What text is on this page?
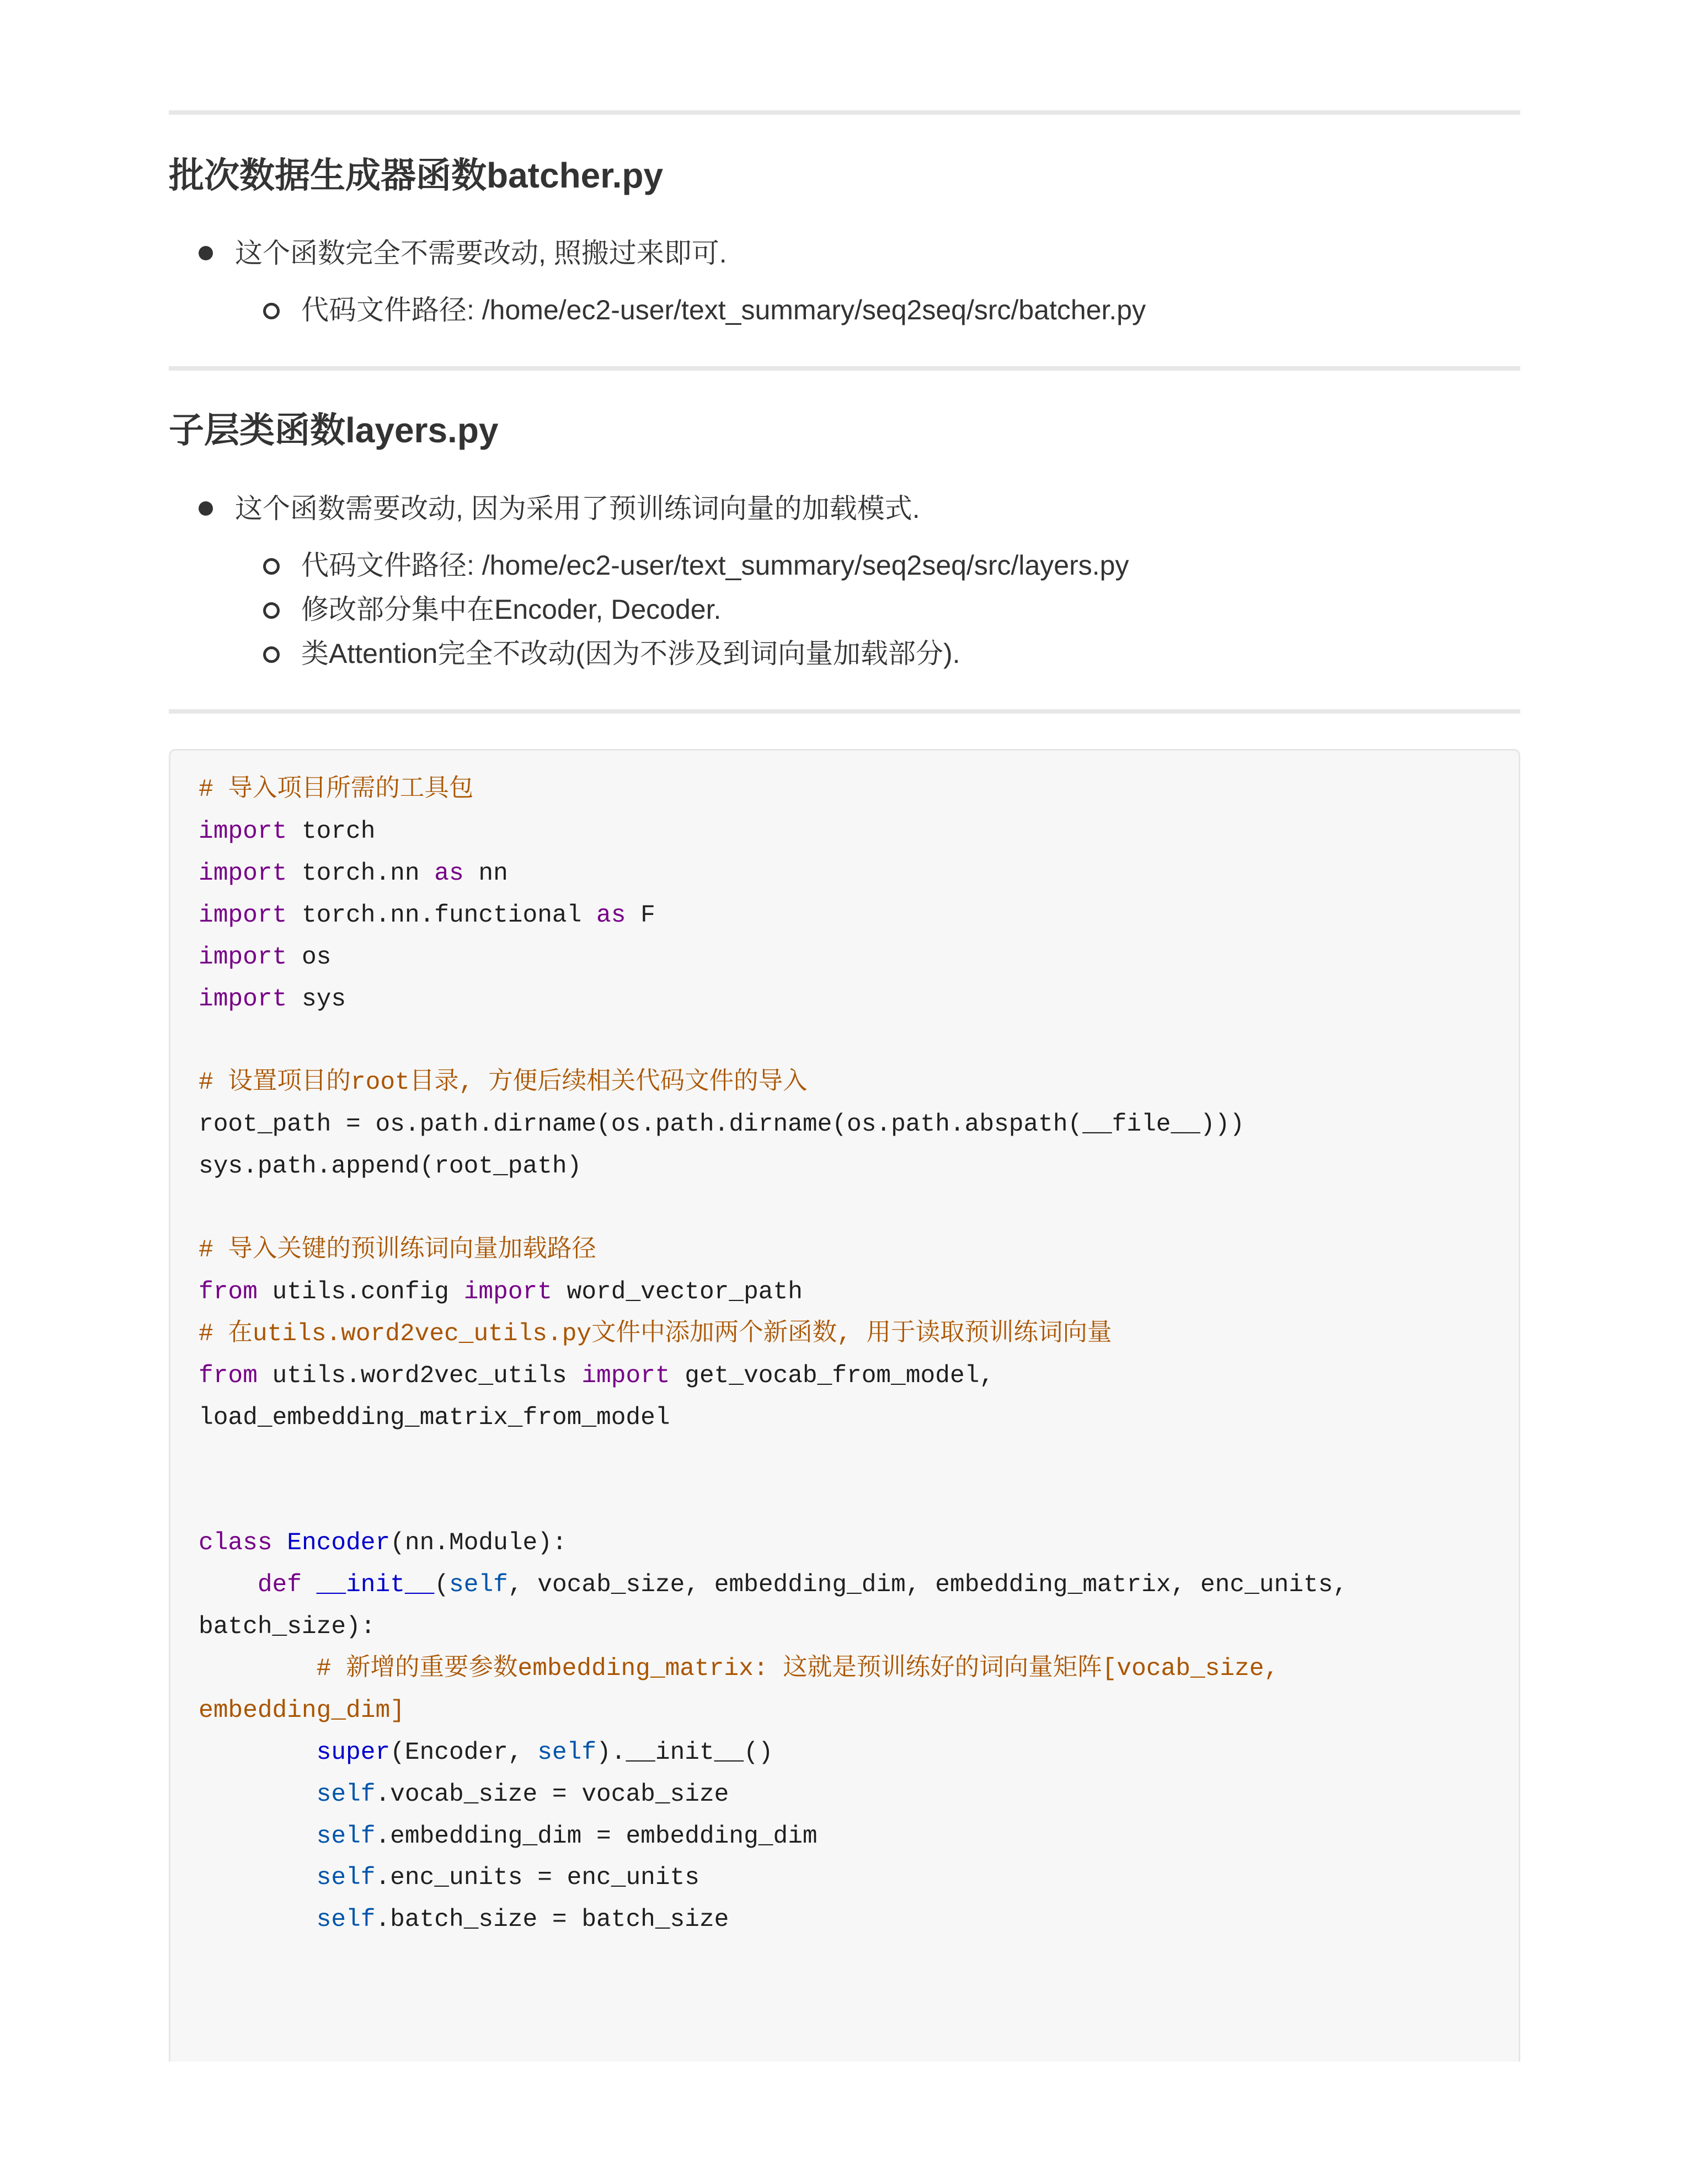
批次数据生成器函数batcher.py
这个函数完全不需要改动, 照搬过来即可.
代码文件路径: /home/ec2-user/text_summary/seq2seq/src/batcher.py
子层类函数layers.py
这个函数需要改动, 因为采用了预训练词向量的加载模式.
代码文件路径: /home/ec2-user/text_summary/seq2seq/src/layers.py
修改部分集中在Encoder, Decoder.
类Attention完全不改动(因为不涉及到词向量加载部分).
# 导入项目所需的工具包
import torch
import torch.nn as nn
import torch.nn.functional as F
import os
import sys
# 设置项目的root目录, 方便后续相关代码文件的导入
root_path = os.path.dirname(os.path.dirname(os.path.abspath(__file__)))
sys.path.append(root_path)
# 导入关键的预训练词向量加载路径
from utils.config import word_vector_path
# 在utils.word2vec_utils.py文件中添加两个新函数, 用于读取预训练词向量
from utils.word2vec_utils import get_vocab_from_model,
load_embedding_matrix_from_model
class Encoder(nn.Module):
def __init__(self, vocab_size, embedding_dim, embedding_matrix, enc_units,
batch_size):
# 新增的重要参数embedding_matrix: 这就是预训练好的词向量矩阵[vocab_size,
embedding_dim]
super(Encoder, self).__init__()
self.vocab_size = vocab_size
self.embedding_dim = embedding_dim
self.enc_units = enc_units
self.batch_size = batch_size
